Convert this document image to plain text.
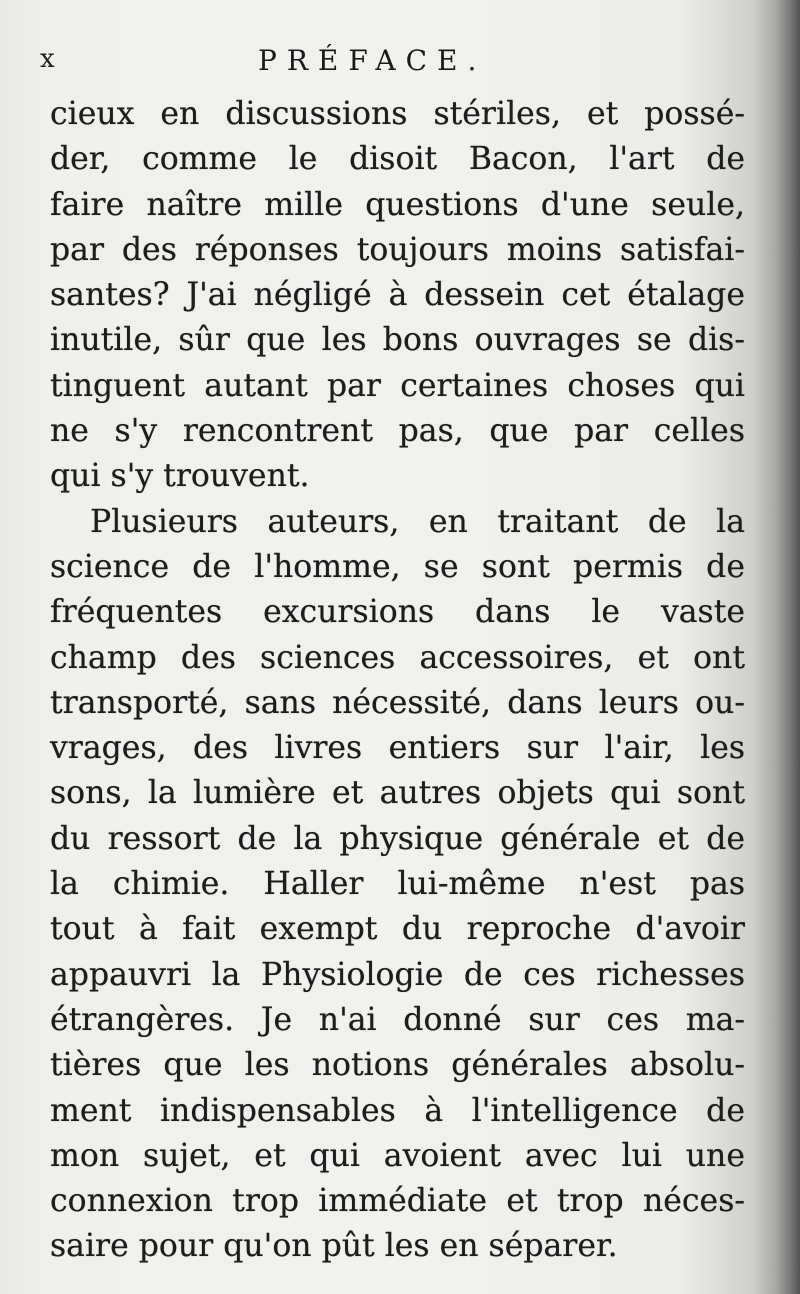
x	PRÉFACE.
cieux en discussions stériles, et possé-
der, comme le disoit Bacon, l'art de
faire naître mille questions d'une seule,
par des réponses toujours moins satisfai-
santes? J'ai négligé à dessein cet étalage
inutile, sûr que les bons ouvrages se dis-
tinguent autant par certaines choses qui
ne s'y rencontrent pas, que par celles
qui s'y trouvent.
Plusieurs auteurs, en traitant de la
science de l'homme, se sont permis de
fréquentes excursions dans le vaste
champ des sciences accessoires, et ont
transporté, sans nécessité, dans leurs ou-
vrages, des livres entiers sur l'air, les
sons, la lumière et autres objets qui sont
du ressort de la physique générale et de
la chimie. Haller lui-même n'est pas
tout à fait exempt du reproche d'avoir
appauvri la Physiologie de ces richesses
étrangères. Je n'ai donné sur ces ma-
tières que les notions générales absolu-
ment indispensables à l'intelligence de
mon sujet, et qui avoient avec lui une
connexion trop immédiate et trop néces-
saire pour qu'on pût les en séparer.
